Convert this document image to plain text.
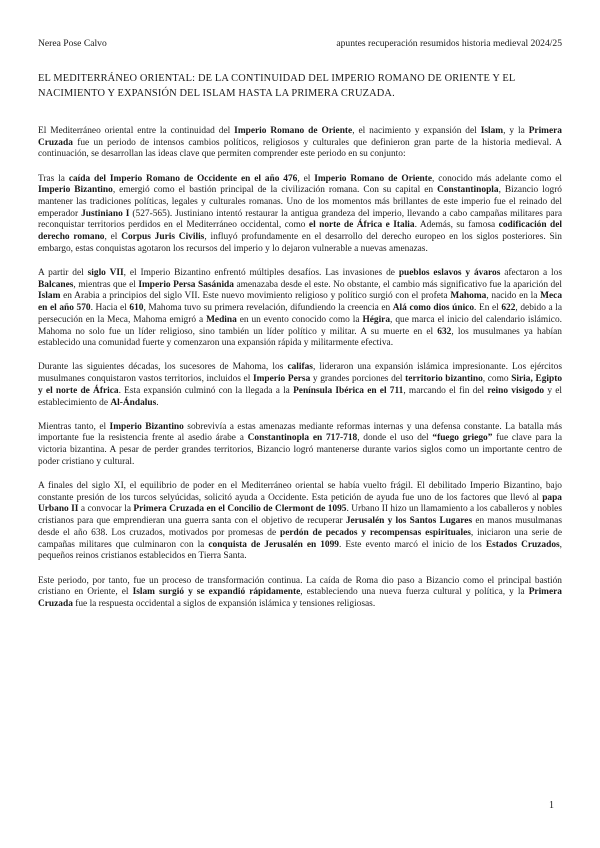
Nerea Pose Calvo	apuntes recuperación resumidos historia medieval 2024/25
EL MEDITERRÁNEO ORIENTAL: DE LA CONTINUIDAD DEL IMPERIO ROMANO DE ORIENTE Y EL NACIMIENTO Y EXPANSIÓN DEL ISLAM HASTA LA PRIMERA CRUZADA.

El Mediterráneo oriental entre la continuidad del Imperio Romano de Oriente, el nacimiento y expansión del Islam, y la Primera Cruzada fue un periodo de intensos cambios políticos, religiosos y culturales que definieron gran parte de la historia medieval. A continuación, se desarrollan las ideas clave que permiten comprender este periodo en su conjunto:

Tras la caída del Imperio Romano de Occidente en el año 476, el Imperio Romano de Oriente, conocido más adelante como el Imperio Bizantino, emergió como el bastión principal de la civilización romana. Con su capital en Constantinopla, Bizancio logró mantener las tradiciones políticas, legales y culturales romanas. Uno de los momentos más brillantes de este imperio fue el reinado del emperador Justiniano I (527-565). Justiniano intentó restaurar la antigua grandeza del imperio, llevando a cabo campañas militares para reconquistar territorios perdidos en el Mediterráneo occidental, como el norte de África e Italia. Además, su famosa codificación del derecho romano, el Corpus Juris Civilis, influyó profundamente en el desarrollo del derecho europeo en los siglos posteriores. Sin embargo, estas conquistas agotaron los recursos del imperio y lo dejaron vulnerable a nuevas amenazas.

A partir del siglo VII, el Imperio Bizantino enfrentó múltiples desafíos. Las invasiones de pueblos eslavos y ávaros afectaron a los Balcanes, mientras que el Imperio Persa Sasánida amenazaba desde el este. No obstante, el cambio más significativo fue la aparición del Islam en Arabia a principios del siglo VII. Este nuevo movimiento religioso y político surgió con el profeta Mahoma, nacido en la Meca en el año 570. Hacia el 610, Mahoma tuvo su primera revelación, difundiendo la creencia en Alá como dios único. En el 622, debido a la persecución en la Meca, Mahoma emigró a Medina en un evento conocido como la Hégira, que marca el inicio del calendario islámico. Mahoma no solo fue un líder religioso, sino también un líder político y militar. A su muerte en el 632, los musulmanes ya habían establecido una comunidad fuerte y comenzaron una expansión rápida y militarmente efectiva.

Durante las siguientes décadas, los sucesores de Mahoma, los califas, lideraron una expansión islámica impresionante. Los ejércitos musulmanes conquistaron vastos territorios, incluidos el Imperio Persa y grandes porciones del territorio bizantino, como Siria, Egipto y el norte de África. Esta expansión culminó con la llegada a la Península Ibérica en el 711, marcando el fin del reino visigodo y el establecimiento de Al-Ándalus.

Mientras tanto, el Imperio Bizantino sobrevivía a estas amenazas mediante reformas internas y una defensa constante. La batalla más importante fue la resistencia frente al asedio árabe a Constantinopla en 717-718, donde el uso del “fuego griego” fue clave para la victoria bizantina. A pesar de perder grandes territorios, Bizancio logró mantenerse durante varios siglos como un importante centro de poder cristiano y cultural.

A finales del siglo XI, el equilibrio de poder en el Mediterráneo oriental se había vuelto frágil. El debilitado Imperio Bizantino, bajo constante presión de los turcos selyúcidas, solicitó ayuda a Occidente. Esta petición de ayuda fue uno de los factores que llevó al papa Urbano II a convocar la Primera Cruzada en el Concilio de Clermont de 1095. Urbano II hizo un llamamiento a los caballeros y nobles cristianos para que emprendieran una guerra santa con el objetivo de recuperar Jerusalén y los Santos Lugares en manos musulmanas desde el año 638. Los cruzados, motivados por promesas de perdón de pecados y recompensas espirituales, iniciaron una serie de campañas militares que culminaron con la conquista de Jerusalén en 1099. Este evento marcó el inicio de los Estados Cruzados, pequeños reinos cristianos establecidos en Tierra Santa.

Este periodo, por tanto, fue un proceso de transformación continua. La caída de Roma dio paso a Bizancio como el principal bastión cristiano en Oriente, el Islam surgió y se expandió rápidamente, estableciendo una nueva fuerza cultural y política, y la Primera Cruzada fue la respuesta occidental a siglos de expansión islámica y tensiones religiosas.

1
